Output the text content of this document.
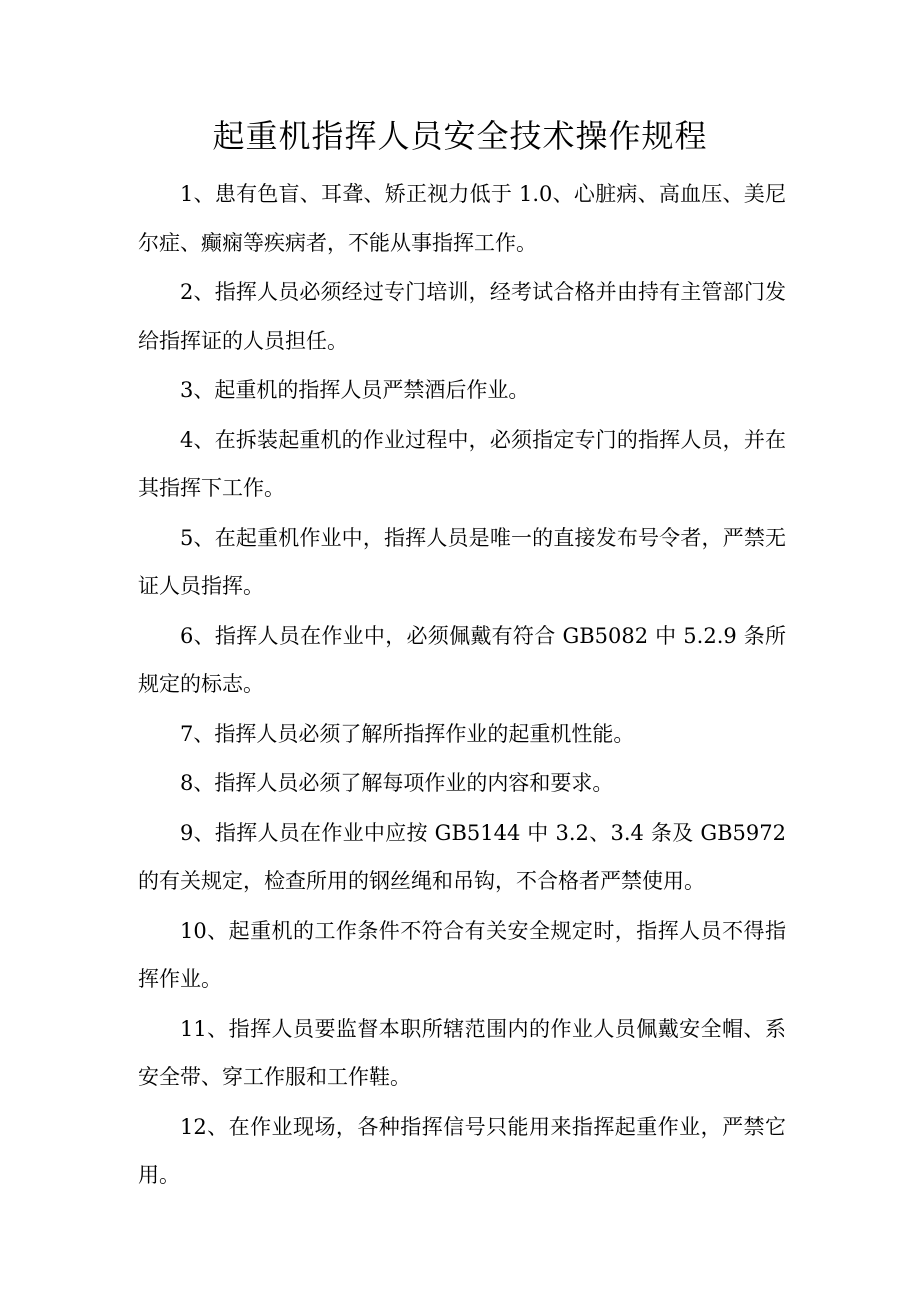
起重机指挥人员安全技术操作规程

1、患有色盲、耳聋、矫正视力低于 1.0、心脏病、高血压、美尼尔症、癫痫等疾病者，不能从事指挥工作。

2、指挥人员必须经过专门培训，经考试合格并由持有主管部门发给指挥证的人员担任。

3、起重机的指挥人员严禁酒后作业。

4、在拆装起重机的作业过程中，必须指定专门的指挥人员，并在其指挥下工作。

5、在起重机作业中，指挥人员是唯一的直接发布号令者，严禁无证人员指挥。

6、指挥人员在作业中，必须佩戴有符合 GB5082 中 5.2.9 条所规定的标志。

7、指挥人员必须了解所指挥作业的起重机性能。

8、指挥人员必须了解每项作业的内容和要求。

9、指挥人员在作业中应按 GB5144 中 3.2、3.4 条及 GB5972 的有关规定，检查所用的钢丝绳和吊钩，不合格者严禁使用。

10、起重机的工作条件不符合有关安全规定时，指挥人员不得指挥作业。

11、指挥人员要监督本职所辖范围内的作业人员佩戴安全帽、系安全带、穿工作服和工作鞋。

12、在作业现场，各种指挥信号只能用来指挥起重作业，严禁它用。
